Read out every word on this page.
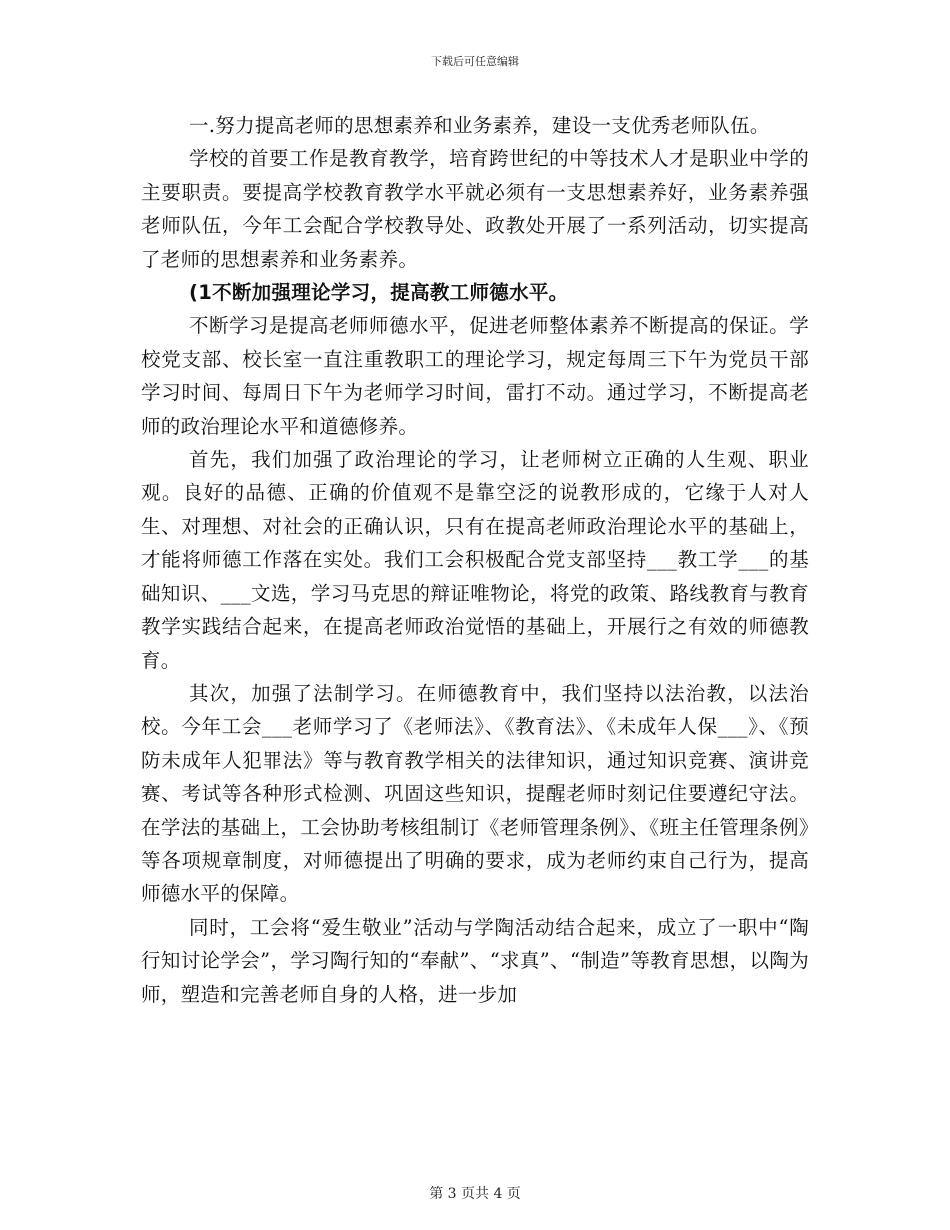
下载后可任意编辑

一.努力提高老师的思想素养和业务素养，建设一支优秀老师队伍。

学校的首要工作是教育教学，培育跨世纪的中等技术人才是职业中学的主要职责。要提高学校教育教学水平就必须有一支思想素养好，业务素养强老师队伍，今年工会配合学校教导处、政教处开展了一系列活动，切实提高了老师的思想素养和业务素养。

(1不断加强理论学习，提高教工师德水平。

不断学习是提高老师师德水平，促进老师整体素养不断提高的保证。学校党支部、校长室一直注重教职工的理论学习，规定每周三下午为党员干部学习时间、每周日下午为老师学习时间，雷打不动。通过学习，不断提高老师的政治理论水平和道德修养。

首先，我们加强了政治理论的学习，让老师树立正确的人生观、职业观。良好的品德、正确的价值观不是靠空泛的说教形成的，它缘于人对人生、对理想、对社会的正确认识，只有在提高老师政治理论水平的基础上，才能将师德工作落在实处。我们工会积极配合党支部坚持___教工学___的基础知识、___文选，学习马克思的辩证唯物论，将党的政策、路线教育与教育教学实践结合起来，在提高老师政治觉悟的基础上，开展行之有效的师德教育。

其次，加强了法制学习。在师德教育中，我们坚持以法治教，以法治校。今年工会___老师学习了《老师法》、《教育法》、《未成年人保___》、《预防未成年人犯罪法》等与教育教学相关的法律知识，通过知识竞赛、演讲竞赛、考试等各种形式检测、巩固这些知识，提醒老师时刻记住要遵纪守法。在学法的基础上，工会协助考核组制订《老师管理条例》、《班主任管理条例》等各项规章制度，对师德提出了明确的要求，成为老师约束自己行为，提高师德水平的保障。

同时，工会将“爱生敬业”活动与学陶活动结合起来，成立了一职中“陶行知讨论学会”，学习陶行知的“奉献”、“求真”、“制造”等教育思想，以陶为师，塑造和完善老师自身的人格，进一步加

第 3 页共 4 页
